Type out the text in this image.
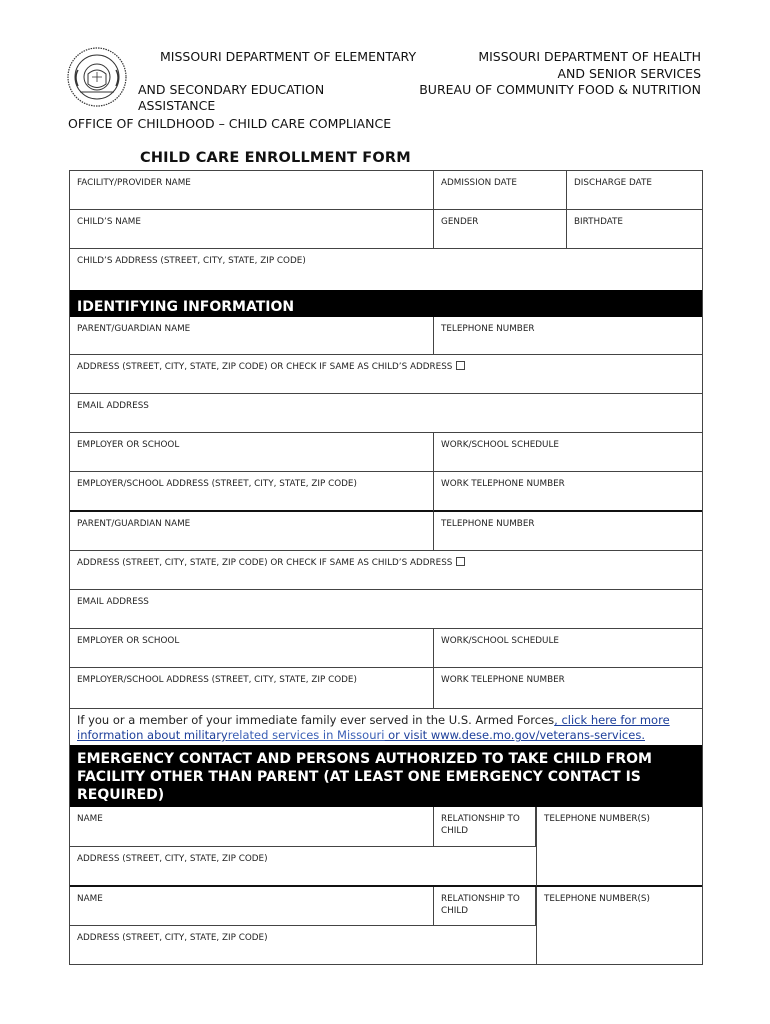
MISSOURI DEPARTMENT OF ELEMENTARY
AND SECONDARY EDUCATION
ASSISTANCE
OFFICE OF CHILDHOOD – CHILD CARE COMPLIANCE
MISSOURI DEPARTMENT OF HEALTH
AND SENIOR SERVICES
BUREAU OF COMMUNITY FOOD & NUTRITION
CHILD CARE ENROLLMENT FORM
FACILITY/PROVIDER NAME	ADMISSION DATE	DISCHARGE DATE
CHILD’S NAME	GENDER	BIRTHDATE
CHILD’S ADDRESS (STREET, CITY, STATE, ZIP CODE)
IDENTIFYING INFORMATION
PARENT/GUARDIAN NAME	TELEPHONE NUMBER
ADDRESS (STREET, CITY, STATE, ZIP CODE) OR CHECK IF SAME AS CHILD’S ADDRESS
EMAIL ADDRESS
EMPLOYER OR SCHOOL	WORK/SCHOOL SCHEDULE
EMPLOYER/SCHOOL ADDRESS (STREET, CITY, STATE, ZIP CODE)	WORK TELEPHONE NUMBER
PARENT/GUARDIAN NAME	TELEPHONE NUMBER
ADDRESS (STREET, CITY, STATE, ZIP CODE) OR CHECK IF SAME AS CHILD’S ADDRESS
EMAIL ADDRESS
EMPLOYER OR SCHOOL	WORK/SCHOOL SCHEDULE
EMPLOYER/SCHOOL ADDRESS (STREET, CITY, STATE, ZIP CODE)	WORK TELEPHONE NUMBER
If you or a member of your immediate family ever served in the U.S. Armed Forces, click here for more information about militaryrelated services in Missouri or visit www.dese.mo.gov/veterans-services.
EMERGENCY CONTACT AND PERSONS AUTHORIZED TO TAKE CHILD FROM FACILITY OTHER THAN PARENT (AT LEAST ONE EMERGENCY CONTACT IS REQUIRED)
NAME	RELATIONSHIP TO CHILD
TELEPHONE NUMBER(S)
ADDRESS (STREET, CITY, STATE, ZIP CODE)
NAME	RELATIONSHIP TO CHILD
TELEPHONE NUMBER(S)
ADDRESS (STREET, CITY, STATE, ZIP CODE)
